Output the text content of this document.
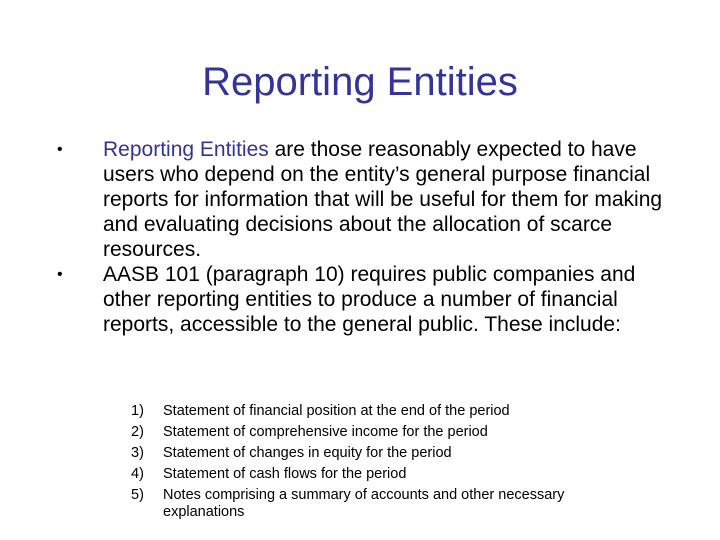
Reporting Entities
• Reporting Entities are those reasonably expected to have users who depend on the entity’s general purpose financial reports for information that will be useful for them for making and evaluating decisions about the allocation of scarce resources.
• AASB 101 (paragraph 10) requires public companies and other reporting entities to produce a number of financial reports, accessible to the general public. These include:
1) Statement of financial position at the end of the period
2) Statement of comprehensive income for the period
3) Statement of changes in equity for the period
4) Statement of cash flows for the period
5) Notes comprising a summary of accounts and other necessary explanations
